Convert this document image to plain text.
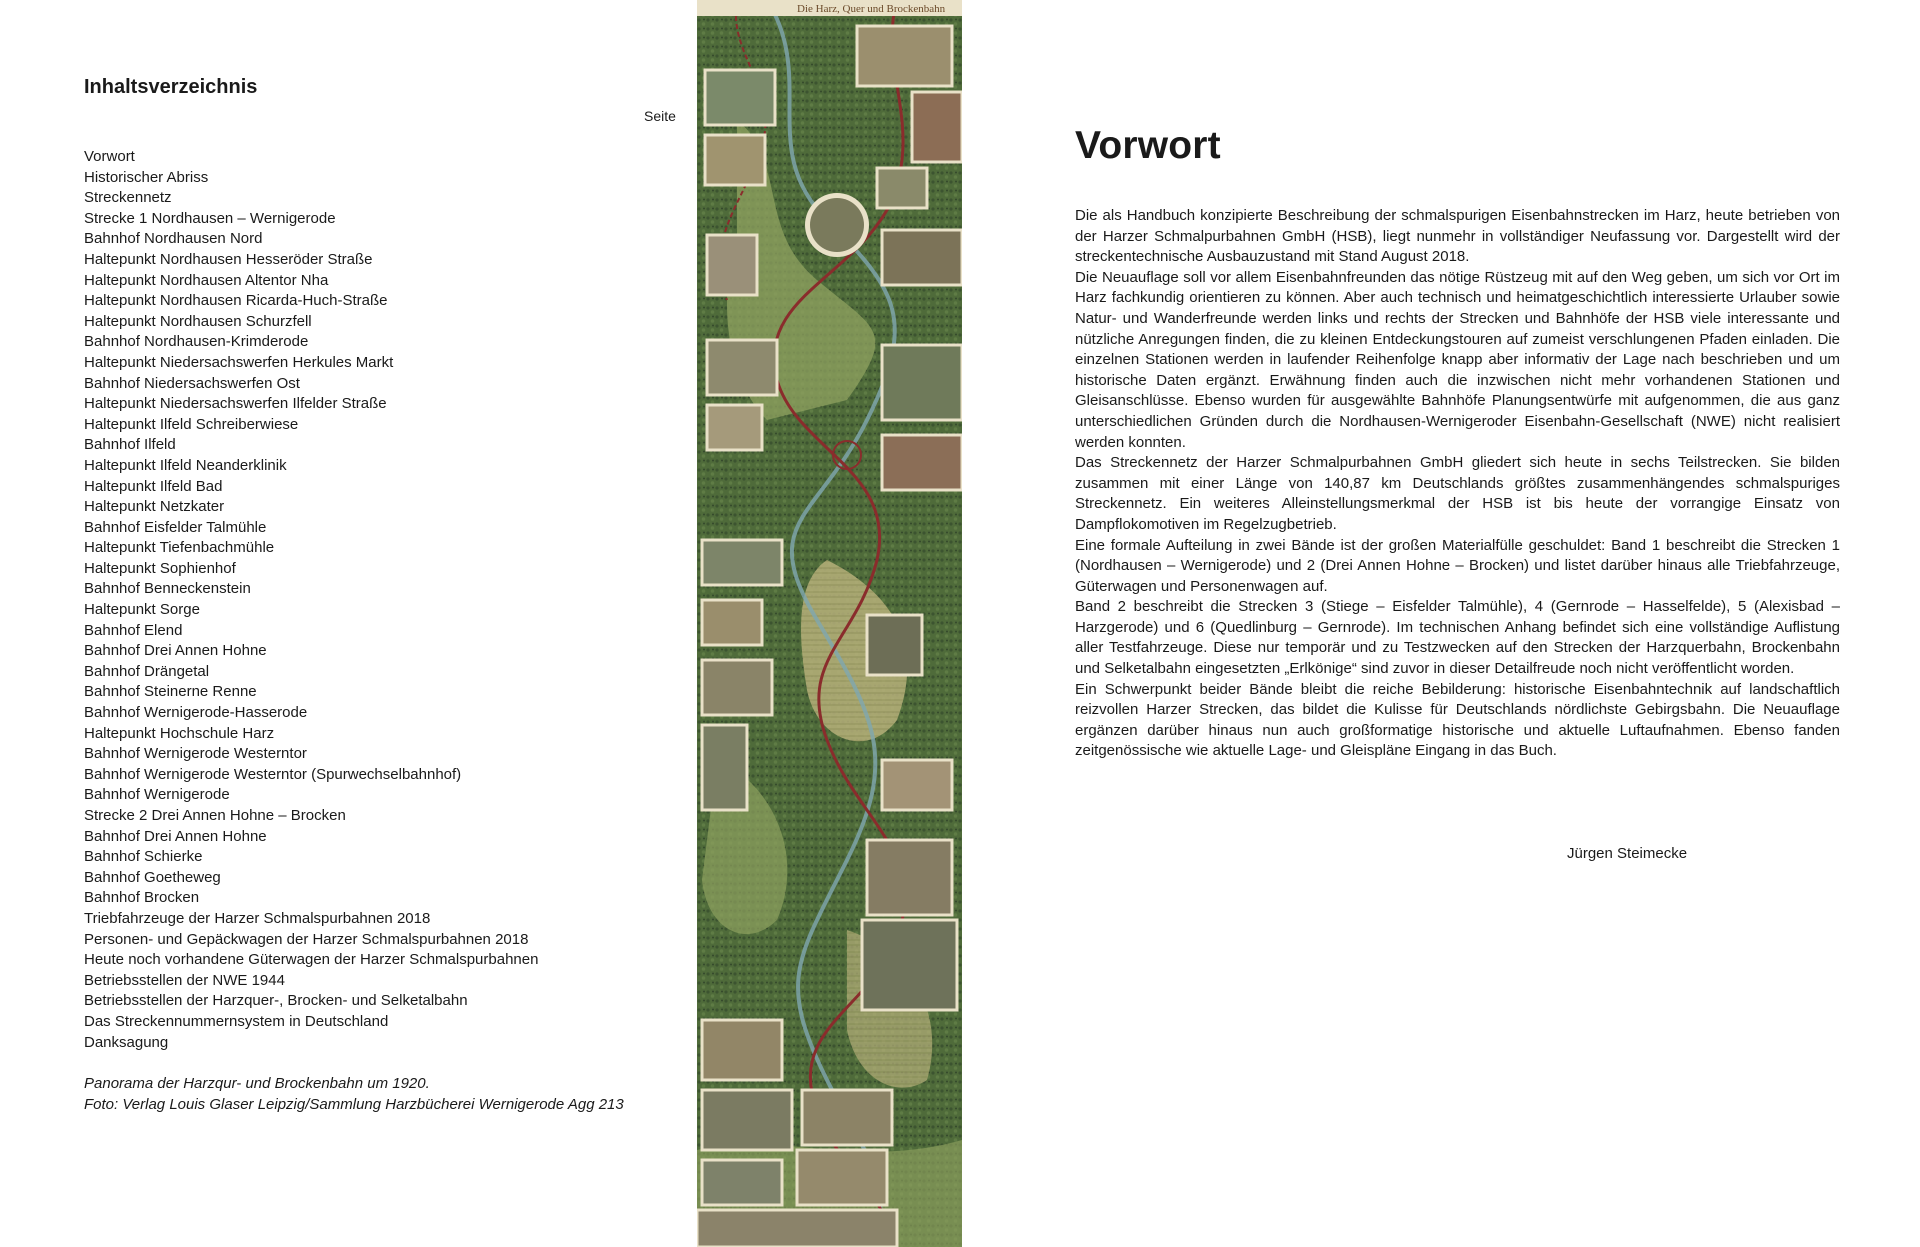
Inhaltsverzeichnis
Seite
Vorwort
Historischer Abriss
Streckennetz
Strecke 1 Nordhausen – Wernigerode
Bahnhof Nordhausen Nord
Haltepunkt Nordhausen Hesseröder Straße
Haltepunkt Nordhausen Altentor Nha
Haltepunkt Nordhausen Ricarda-Huch-Straße
Haltepunkt Nordhausen Schurzfell
Bahnhof Nordhausen-Krimderode
Haltepunkt Niedersachswerfen Herkules Markt
Bahnhof Niedersachswerfen Ost
Haltepunkt Niedersachswerfen Ilfelder Straße
Haltepunkt Ilfeld Schreiberwiese
Bahnhof Ilfeld
Haltepunkt Ilfeld Neanderklinik
Haltepunkt Ilfeld Bad
Haltepunkt Netzkater
Bahnhof Eisfelder Talmühle
Haltepunkt Tiefenbachmühle
Haltepunkt Sophienhof
Bahnhof Benneckenstein
Haltepunkt Sorge
Bahnhof Elend
Bahnhof Drei Annen Hohne
Bahnhof Drängetal
Bahnhof Steinerne Renne
Bahnhof Wernigerode-Hasserode
Haltepunkt Hochschule Harz
Bahnhof Wernigerode Westerntor
Bahnhof Wernigerode Westerntor (Spurwechselbahnhof)
Bahnhof Wernigerode
Strecke 2 Drei Annen Hohne – Brocken
Bahnhof Drei Annen Hohne
Bahnhof Schierke
Bahnhof Goetheweg
Bahnhof Brocken
Triebfahrzeuge der Harzer Schmalspurbahnen 2018
Personen- und Gepäckwagen der Harzer Schmalspurbahnen 2018
Heute noch vorhandene Güterwagen der Harzer Schmalspurbahnen
Betriebsstellen der NWE 1944
Betriebsstellen der Harzquer-, Brocken- und Selketalbahn
Das Streckennummernsystem in Deutschland
Danksagung
Panorama der Harzqur- und Brockenbahn um 1920.
Foto: Verlag Louis Glaser Leipzig/Sammlung Harzbücherei Wernigerode Agg 213
Die Harz, Quer und Brockenbahn
Vorwort

Die als Handbuch konzipierte Beschreibung der schmalspurigen Eisenbahnstrecken im Harz, heute betrieben von der Harzer Schmalpurbahnen GmbH (HSB), liegt nunmehr in vollständiger Neufassung vor. Dargestellt wird der streckentechnische Ausbauzustand mit Stand August 2018.

Die Neuauflage soll vor allem Eisenbahnfreunden das nötige Rüstzeug mit auf den Weg geben, um sich vor Ort im Harz fachkundig orientieren zu können. Aber auch technisch und heimatgeschichtlich interessierte Urlauber sowie Natur- und Wanderfreunde werden links und rechts der Strecken und Bahnhöfe der HSB viele interessante und nützliche Anregungen finden, die zu kleinen Entdeckungstouren auf zumeist verschlungenen Pfaden einladen. Die einzelnen Stationen werden in laufender Reihenfolge knapp aber informativ der Lage nach beschrieben und um historische Daten ergänzt. Erwähnung finden auch die inzwischen nicht mehr vorhandenen Stationen und Gleisanschlüsse. Ebenso wurden für ausgewählte Bahnhöfe Planungsentwürfe mit aufgenommen, die aus ganz unterschiedlichen Gründen durch die Nordhausen-Wernigeroder Eisenbahn-Gesellschaft (NWE) nicht realisiert werden konnten.

Das Streckennetz der Harzer Schmalpurbahnen GmbH gliedert sich heute in sechs Teilstrecken. Sie bilden zusammen mit einer Länge von 140,87 km Deutschlands größtes zusammenhängendes schmalspuriges Streckennetz. Ein weiteres Alleinstellungsmerkmal der HSB ist bis heute der vorrangige Einsatz von Dampflokomotiven im Regelzugbetrieb.

Eine formale Aufteilung in zwei Bände ist der großen Materialfülle geschuldet: Band 1 beschreibt die Strecken 1 (Nordhausen – Wernigerode) und 2 (Drei Annen Hohne – Brocken) und listet darüber hinaus alle Triebfahrzeuge, Güterwagen und Personenwagen auf.

Band 2 beschreibt die Strecken 3 (Stiege – Eisfelder Talmühle), 4 (Gernrode – Hasselfelde), 5 (Alexisbad – Harzgerode) und 6 (Quedlinburg – Gernrode). Im technischen Anhang befindet sich eine vollständige Auflistung aller Testfahrzeuge. Diese nur temporär und zu Testzwecken auf den Strecken der Harzquerbahn, Brockenbahn und Selketalbahn eingesetzten „Erlkönige“ sind zuvor in dieser Detailfreude noch nicht veröffentlicht worden.

Ein Schwerpunkt beider Bände bleibt die reiche Bebilderung: historische Eisenbahntechnik auf landschaftlich reizvollen Harzer Strecken, das bildet die Kulisse für Deutschlands nördlichste Gebirgsbahn. Die Neuauflage ergänzen darüber hinaus nun auch großformatige historische und aktuelle Luftaufnahmen. Ebenso fanden zeitgenössische wie aktuelle Lage- und Gleispläne Eingang in das Buch.

Jürgen Steimecke
